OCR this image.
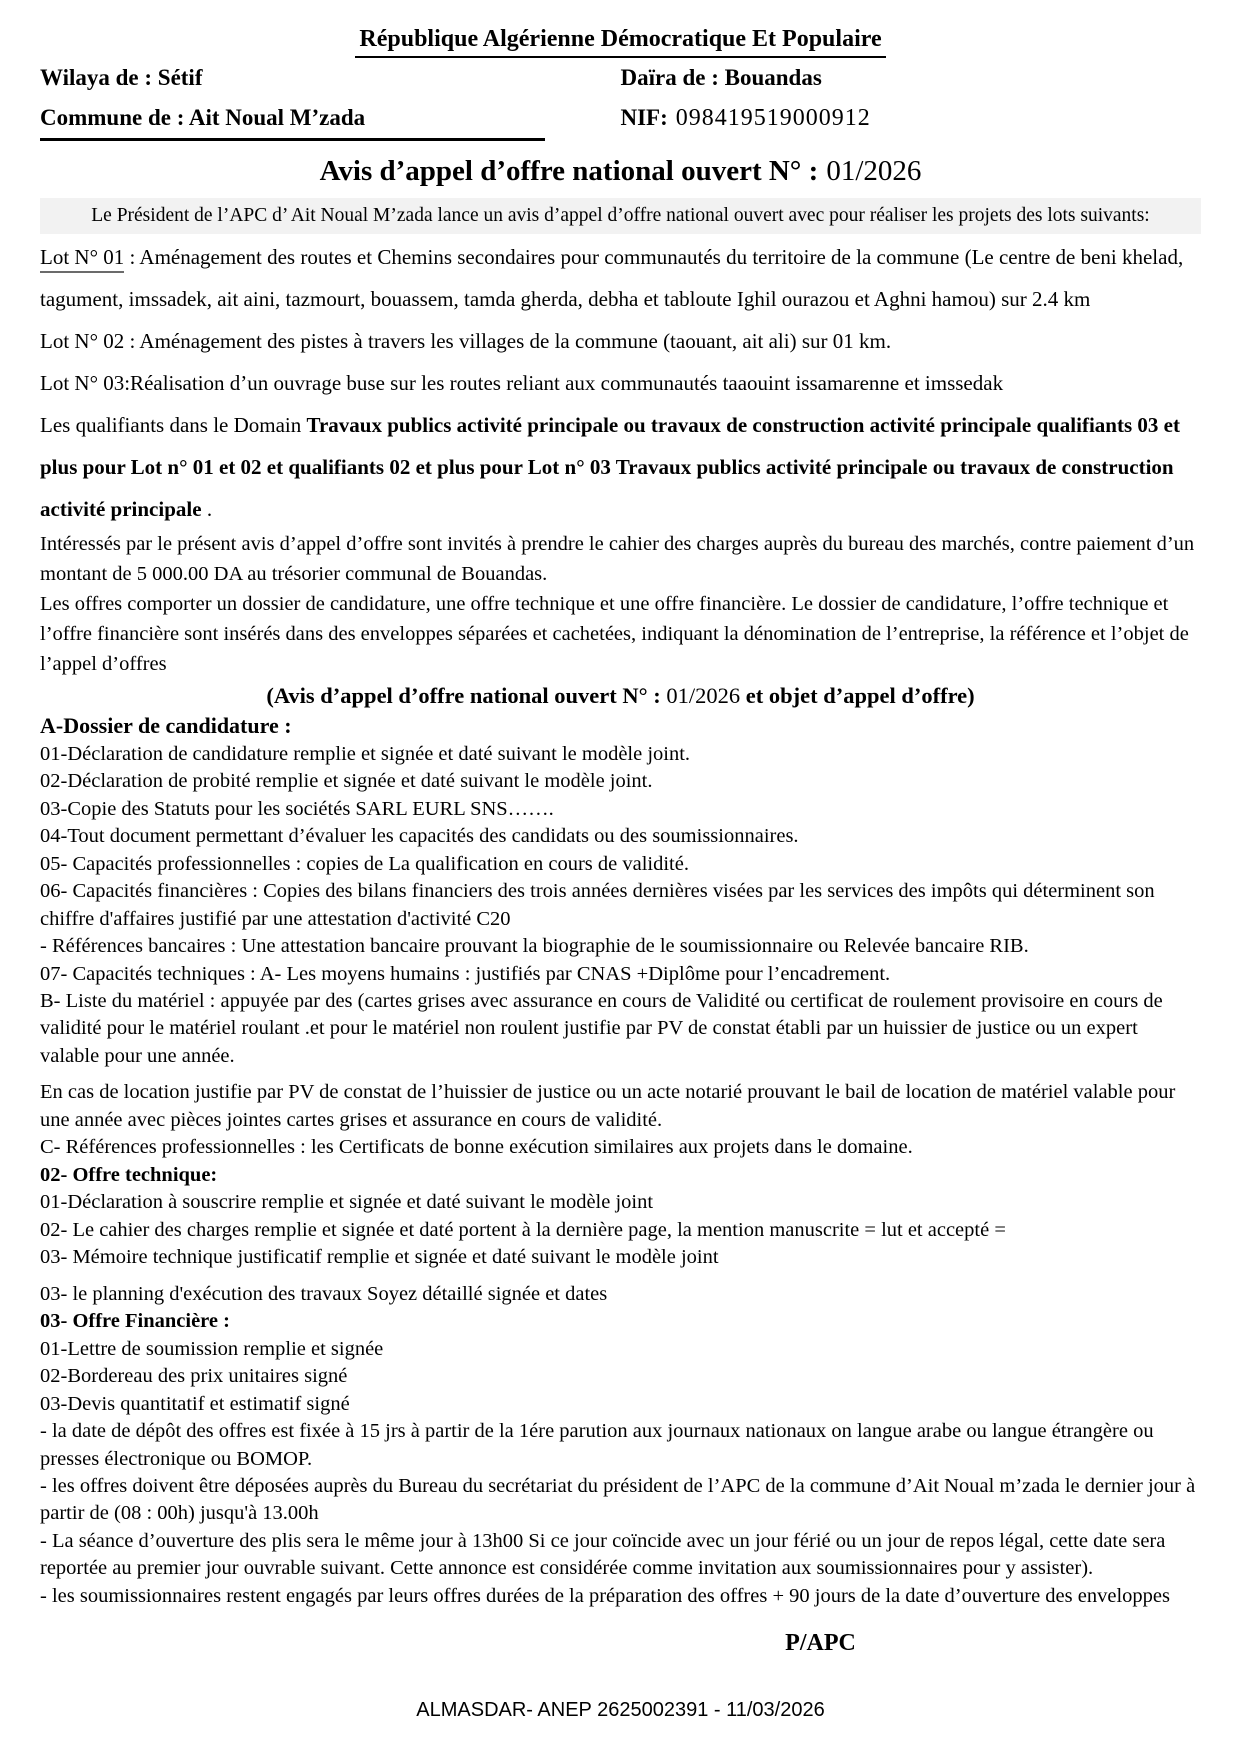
République Algérienne Démocratique Et Populaire
Wilaya de : Sétif	Daïra de : Bouandas
Commune de : Ait Noual M’zada	NIF: 098419519000912
Avis d’appel d’offre national ouvert N° : 01/2026
Le Président de l’APC d’ Ait Noual M’zada lance un avis d’appel d’offre national ouvert avec pour réaliser les projets des lots suivants:

Lot N° 01 : Aménagement des routes et Chemins secondaires pour communautés du territoire de la commune (Le centre de beni khelad, tagument, imssadek, ait aini, tazmourt, bouassem, tamda gherda, debha et tabloute Ighil ourazou et Aghni hamou) sur 2.4 km

Lot N° 02 : Aménagement des pistes à travers les villages de la commune (taouant, ait ali) sur 01 km.

Lot N° 03:Réalisation d’un ouvrage buse sur les routes reliant aux communautés taaouint issamarenne et imssedak

Les qualifiants dans le Domain Travaux publics activité principale ou travaux de construction activité principale qualifiants 03 et plus pour Lot n° 01 et 02 et qualifiants 02 et plus pour Lot n° 03 Travaux publics activité principale ou travaux de construction activité principale .

Intéressés par le présent avis d’appel d’offre sont invités à prendre le cahier des charges auprès du bureau des marchés, contre paiement d’un montant de 5 000.00 DA au trésorier communal de Bouandas.

Les offres comporter un dossier de candidature, une offre technique et une offre financière. Le dossier de candidature, l’offre technique et l’offre financière sont insérés dans des enveloppes séparées et cachetées, indiquant la dénomination de l’entreprise, la référence et l’objet de l’appel d’offres

(Avis d’appel d’offre national ouvert N° : 01/2026 et objet d’appel d’offre)

A-Dossier de candidature :

01-Déclaration de candidature remplie et signée et daté suivant le modèle joint.

02-Déclaration de probité remplie et signée et daté suivant le modèle joint.

03-Copie des Statuts pour les sociétés SARL EURL SNS…….

04-Tout document permettant d’évaluer les capacités des candidats ou des soumissionnaires.

05- Capacités professionnelles : copies de La qualification en cours de validité.

06- Capacités financières : Copies des bilans financiers des trois années dernières visées par les services des impôts qui déterminent son chiffre d'affaires justifié par une attestation d'activité C20

- Références bancaires : Une attestation bancaire prouvant la biographie de le soumissionnaire ou Relevée bancaire RIB.

07- Capacités techniques : A- Les moyens humains : justifiés par CNAS +Diplôme pour l’encadrement.

B- Liste du matériel : appuyée par des (cartes grises avec assurance en cours de Validité ou certificat de roulement provisoire en cours de validité pour le matériel roulant .et pour le matériel non roulent justifie par PV de constat établi par un huissier de justice ou un expert valable pour une année.

En cas de location justifie par PV de constat de l’huissier de justice ou un acte notarié prouvant le bail de location de matériel valable pour une année avec pièces jointes cartes grises et assurance en cours de validité.

C- Références professionnelles : les Certificats de bonne exécution similaires aux projets dans le domaine.

02- Offre technique:

01-Déclaration à souscrire remplie et signée et daté suivant le modèle joint

02- Le cahier des charges remplie et signée et daté portent à la dernière page, la mention manuscrite = lut et accepté =

03- Mémoire technique justificatif remplie et signée et daté suivant le modèle joint

03- le planning d'exécution des travaux Soyez détaillé signée et dates

03- Offre Financière :

01-Lettre de soumission remplie et signée

02-Bordereau des prix unitaires signé

03-Devis quantitatif et estimatif signé

- la date de dépôt des offres est fixée à 15 jrs à partir de la 1ére parution aux journaux nationaux on langue arabe ou langue étrangère ou presses électronique ou BOMOP.

- les offres doivent être déposées auprès du Bureau du secrétariat du président de l’APC de la commune d’Ait Noual m’zada le dernier jour à partir de (08 : 00h) jusqu'à 13.00h

- La séance d’ouverture des plis sera le même jour à 13h00 Si ce jour coïncide avec un jour férié ou un jour de repos légal, cette date sera reportée au premier jour ouvrable suivant. Cette annonce est considérée comme invitation aux soumissionnaires pour y assister).

- les soumissionnaires restent engagés par leurs offres durées de la préparation des offres + 90 jours de la date d’ouverture des enveloppes

P/APC
ALMASDAR- ANEP 2625002391 - 11/03/2026
